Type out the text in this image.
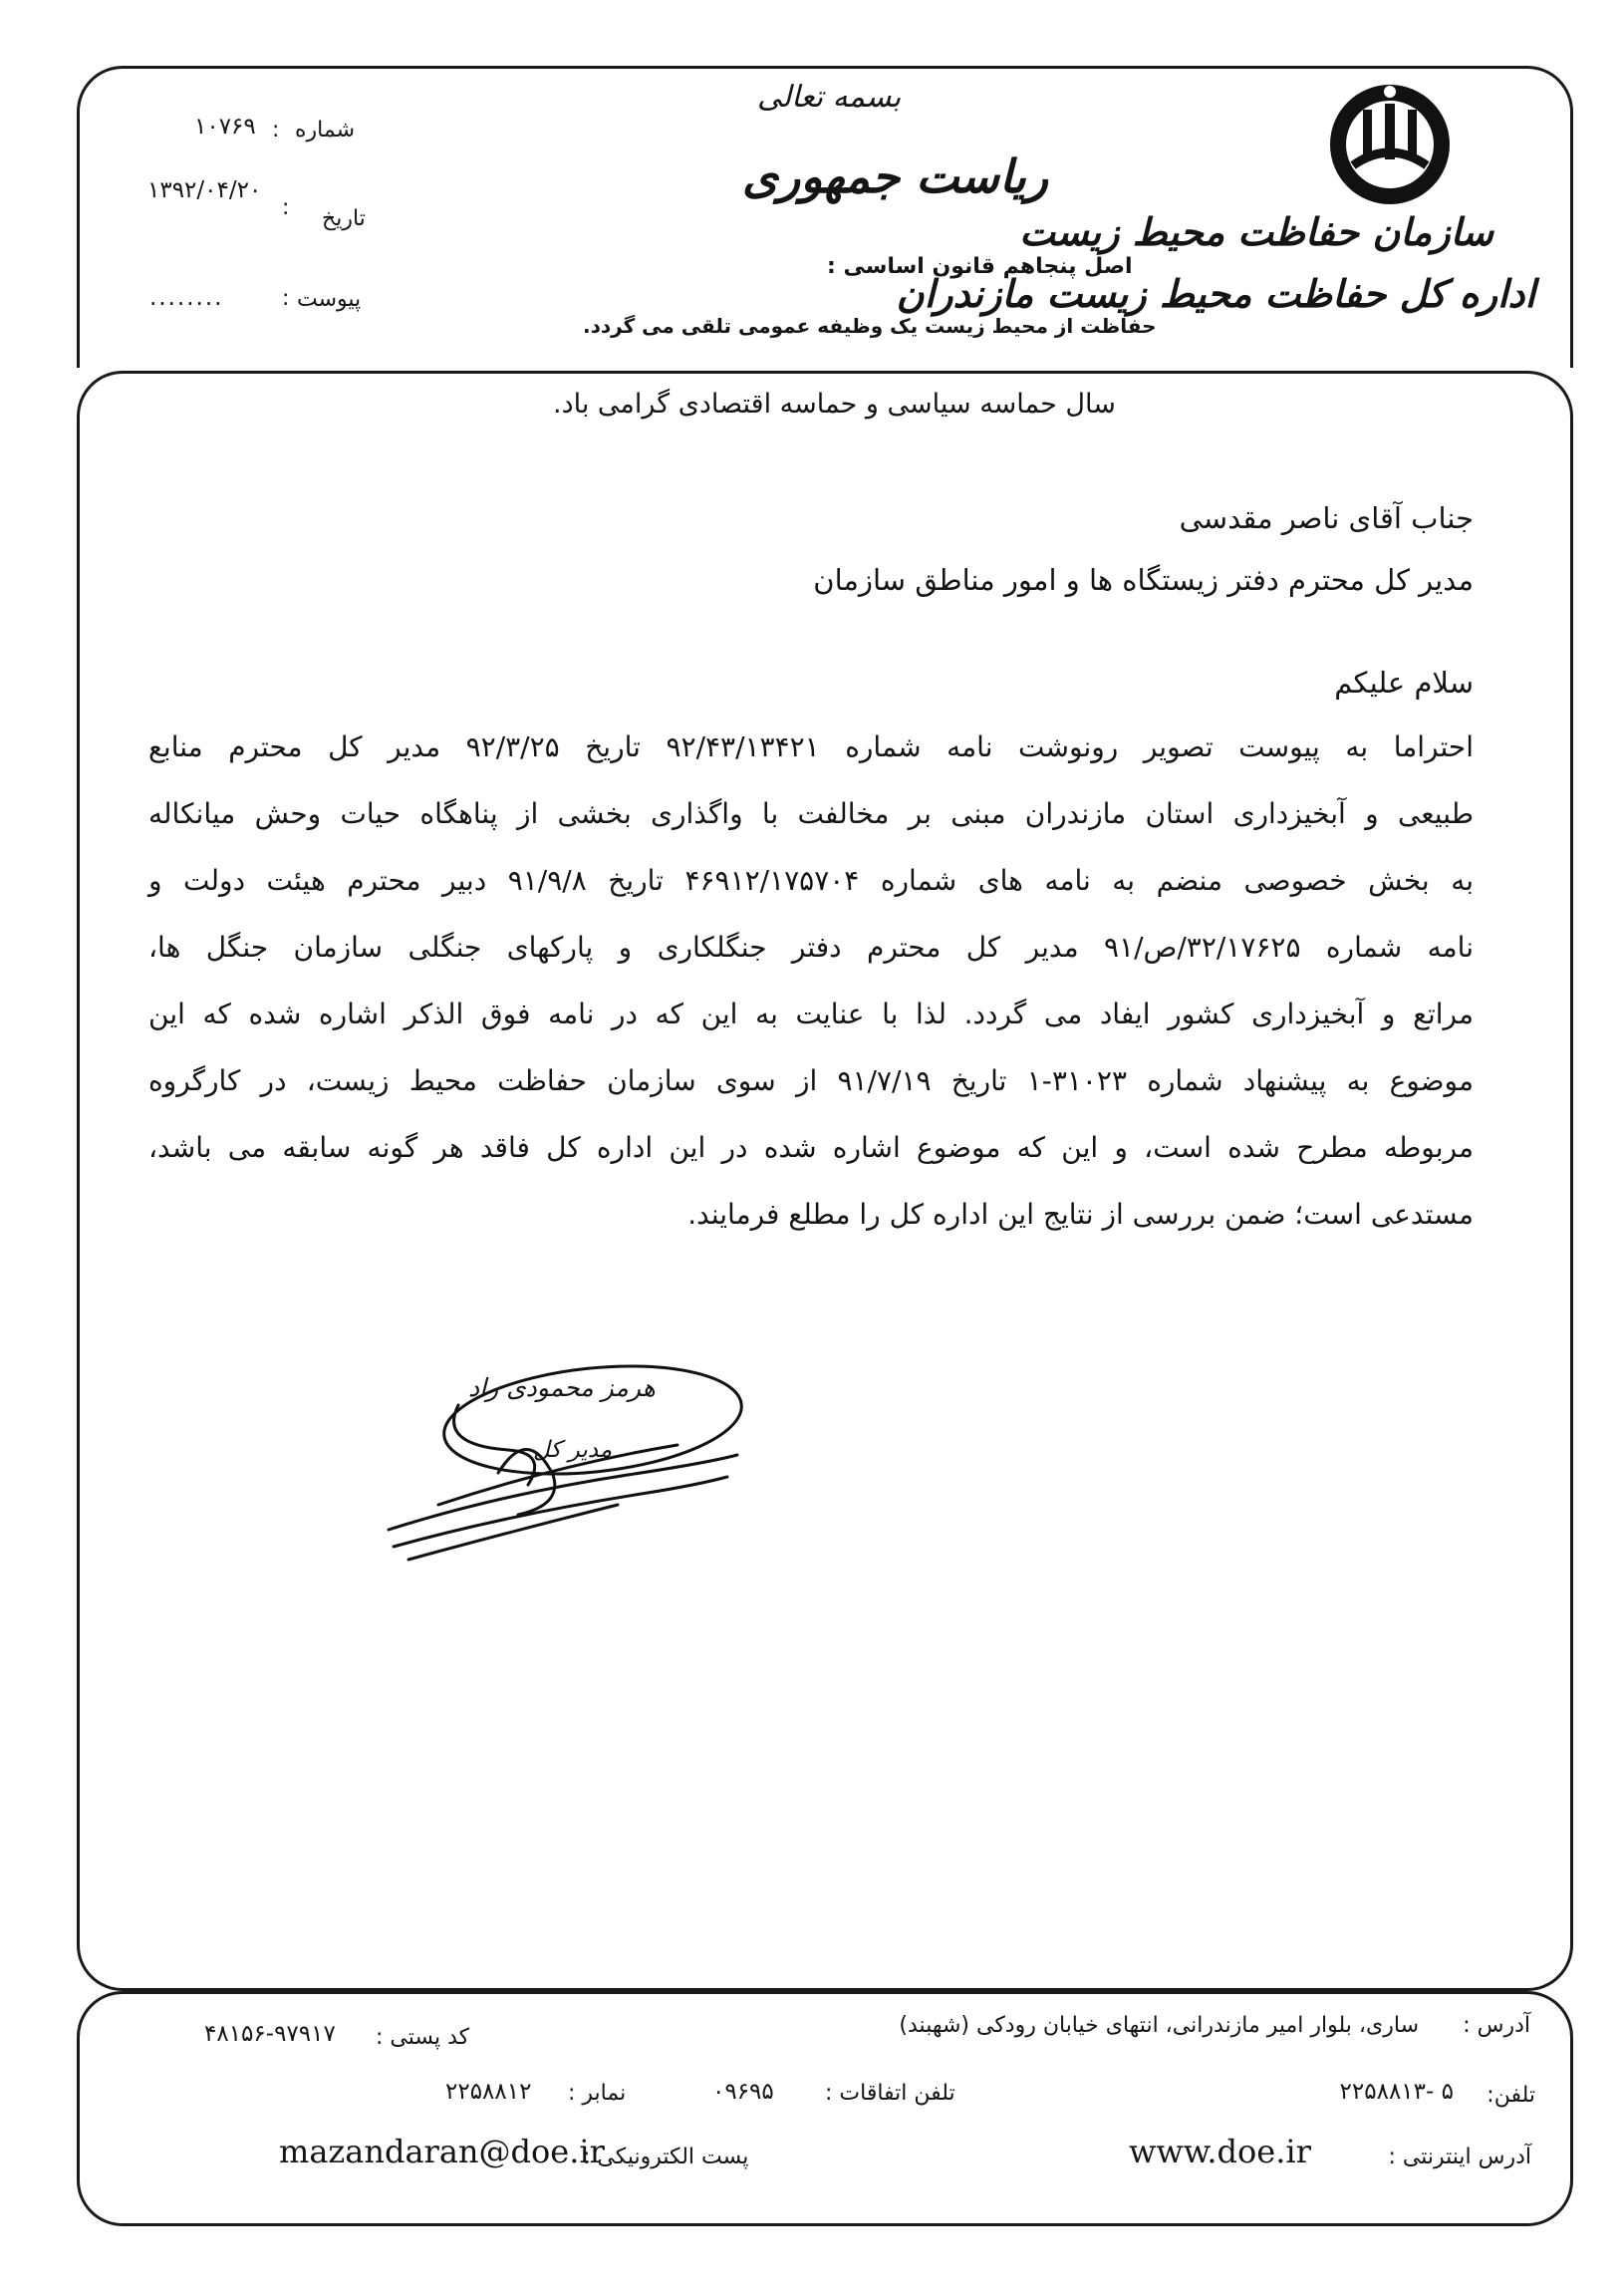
سازمان حفاظت محیط زیست
اداره کل حفاظت محیط زیست مازندران
بسمه تعالی
ریاست جمهوری
اصل پنجاهم قانون اساسی :
حفاظت از محیط زیست یک وظیفه عمومی تلقی می گردد.
شماره
:
۱۰۷۶۹
تاریخ
:
۱۳۹۲/۰۴/۲۰
پیوست
:
........
سال حماسه سیاسی و حماسه اقتصادی گرامی باد.
جناب آقای ناصر مقدسی
مدیر کل محترم دفتر زیستگاه ها و امور مناطق سازمان
سلام علیکم
احتراما به پیوست تصویر رونوشت نامه شماره ۹۲/۴۳/۱۳۴۲۱ تاریخ ۹۲/۳/۲۵ مدیر کل محترم منابع
طبیعی و آبخیزداری استان مازندران مبنی بر مخالفت با واگذاری بخشی از پناهگاه حیات وحش میانکاله
به بخش خصوصی منضم به نامه های شماره ۴۶۹۱۲/۱۷۵۷۰۴ تاریخ ۹۱/۹/۸ دبیر محترم هیئت دولت و
نامه شماره ۳۲/۱۷۶۲۵/ص/۹۱ مدیر کل محترم دفتر جنگلکاری و پارکهای جنگلی سازمان جنگل ها،
مراتع و آبخیزداری کشور ایفاد می گردد. لذا با عنایت به این که در نامه فوق الذکر اشاره شده که این
موضوع به پیشنهاد شماره ۳۱۰۲۳-۱ تاریخ ۹۱/۷/۱۹ از سوی سازمان حفاظت محیط زیست، در کارگروه
مربوطه مطرح شده است، و این که موضوع اشاره شده در این اداره کل فاقد هر گونه سابقه می باشد،
مستدعی است؛ ضمن بررسی از نتایج این اداره کل را مطلع فرمایند.
هرمز محمودی راد
مدیر کل
آدرس :
ساری، بلوار امیر مازندرانی، انتهای خیابان رودکی (شهبند)
کد پستی :
۴۸۱۵۶-۹۷۹۱۷
تلفن:
۵ -۲۲۵۸۸۱۳
تلفن اتفاقات :
۰۹۶۹۵
نمابر :
۲۲۵۸۸۱۲
آدرس اینترنتی :
www.doe.ir
پست الکترونیکی :
mazandaran@doe.ir
